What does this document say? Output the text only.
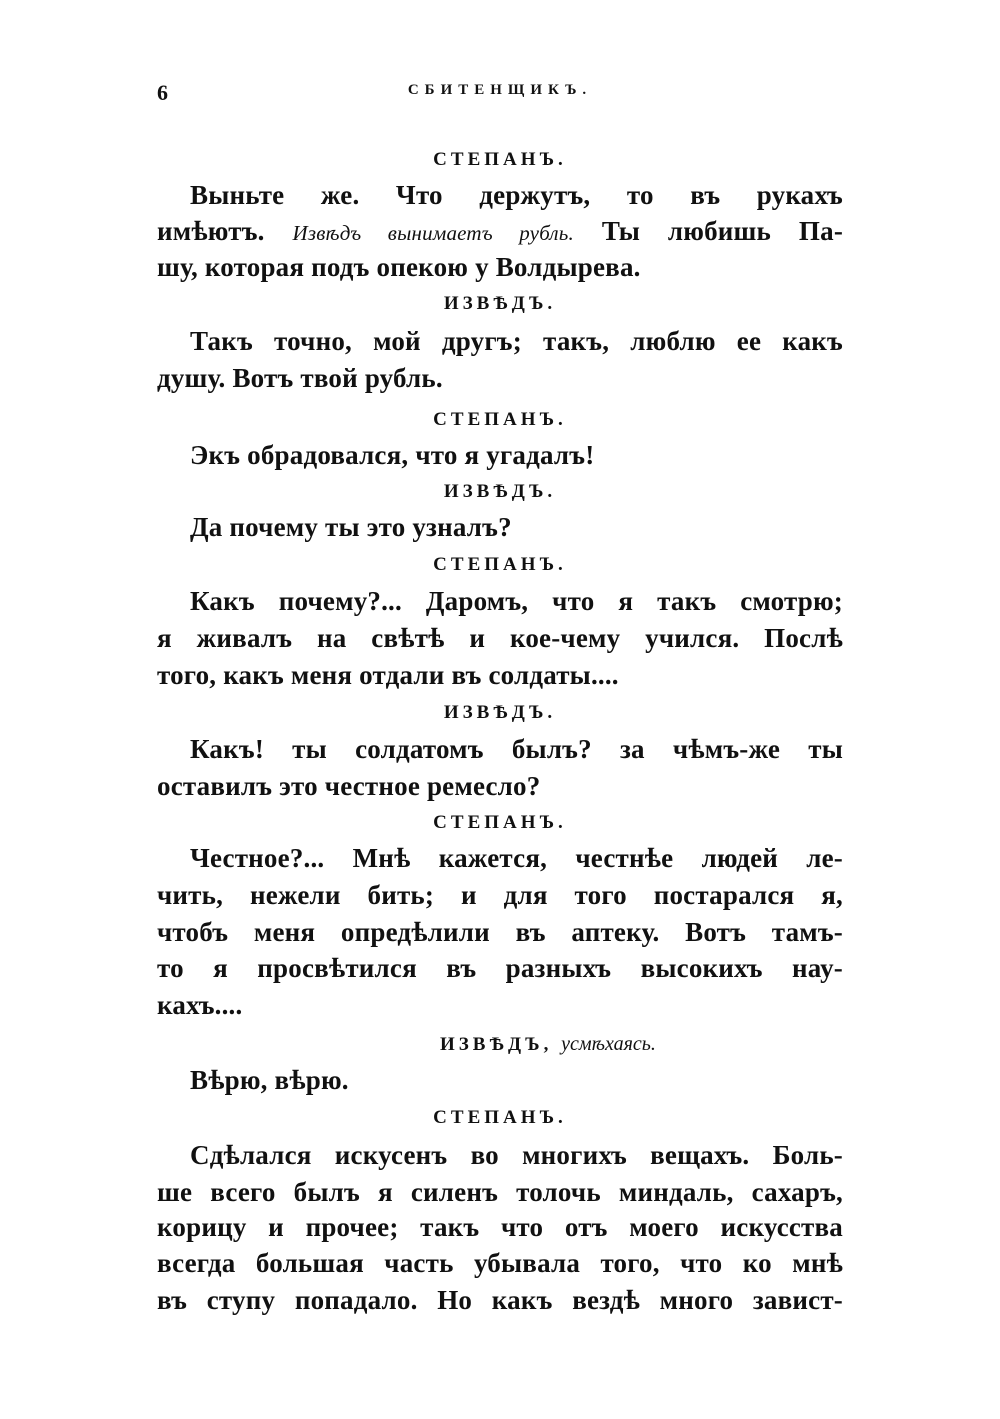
6	СБИТЕНЩИКЪ.
СТЕПАНЪ.
Выньте же. Что держутъ, то въ рукахъ
имѣютъ. Извѣдъ вынимаетъ рубль. Ты любишь Па-
шу, которая подъ опекою у Волдырева.
ИЗВѢДЪ.
Такъ точно, мой другъ; такъ, люблю ее какъ
душу. Вотъ твой рубль.
СТЕПАНЪ.
Экъ обрадовался, что я угадалъ!
ИЗВѢДЪ.
Да почему ты это узналъ?
СТЕПАНЪ.
Какъ почему?... Даромъ, что я такъ смотрю;
я живалъ на свѣтѣ и кое-чему учился. Послѣ
того, какъ меня отдали въ солдаты....
ИЗВѢДЪ.
Какъ! ты солдатомъ былъ? за чѣмъ-же ты
оставилъ это честное ремесло?
СТЕПАНЪ.
Честное?... Мнѣ кажется, честнѣе людей ле-
чить, нежели бить; и для того постарался я,
чтобъ меня опредѣлили въ аптеку. Вотъ тамъ-
то я просвѣтился въ разныхъ высокихъ нау-
кахъ....
ИЗВѢДЪ, усмѣхаясь.
Вѣрю, вѣрю.
СТЕПАНЪ.
Сдѣлался искусенъ во многихъ вещахъ. Боль-
ше всего былъ я силенъ толочь миндаль, сахаръ,
корицу и прочее; такъ что отъ моего искусства
всегда большая часть убывала того, что ко мнѣ
въ ступу попадало. Но какъ вездѣ много завист-
